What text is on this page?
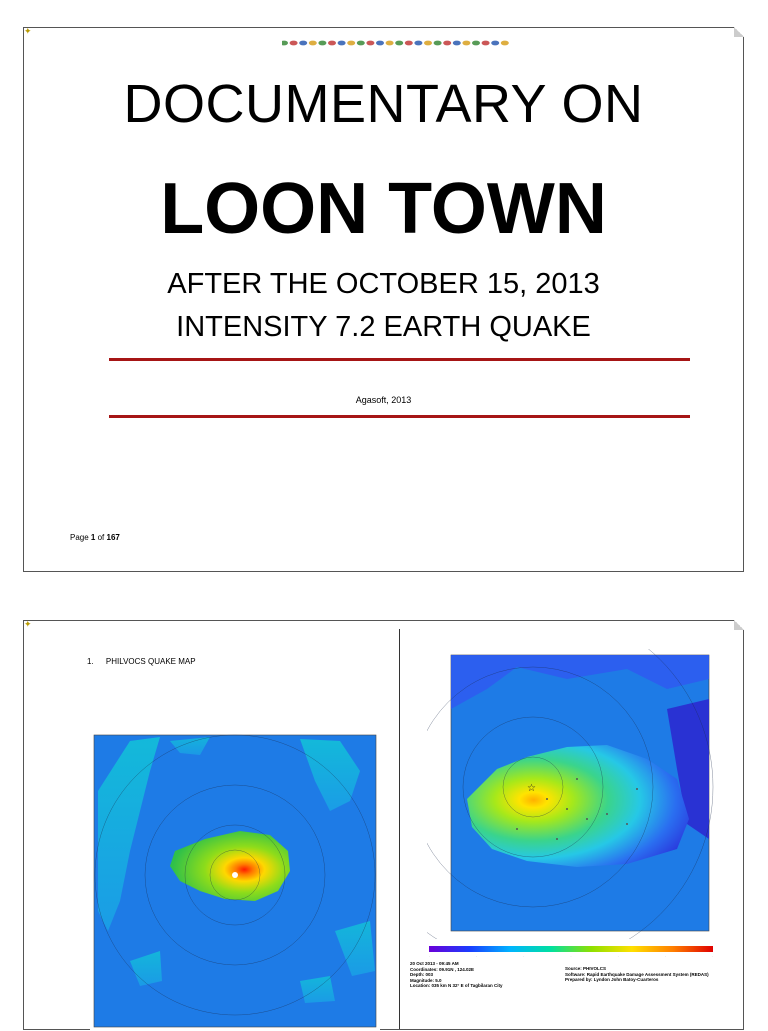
✦
DOCUMENTARY ON
LOON TOWN
AFTER THE OCTOBER 15, 2013
INTENSITY 7.2 EARTH QUAKE
Agasoft, 2013
Page 1 of 167
✦
1. PHILVOCS QUAKE MAP
☆
·	·	·	·	·	·	·
20 Oct 2013 - 09:45 AM
Coordinates: 09.91N , 124.02E
Depth: 003
Magnitude: 5.0
Location: 035 km N 32° E of Tagbilaran City
Source: PHIVOLCS
Software: Rapid Earthquake Damage Assessment System (REDAS)
Prepared by: Lyndon John Batoy-Cuarteros
